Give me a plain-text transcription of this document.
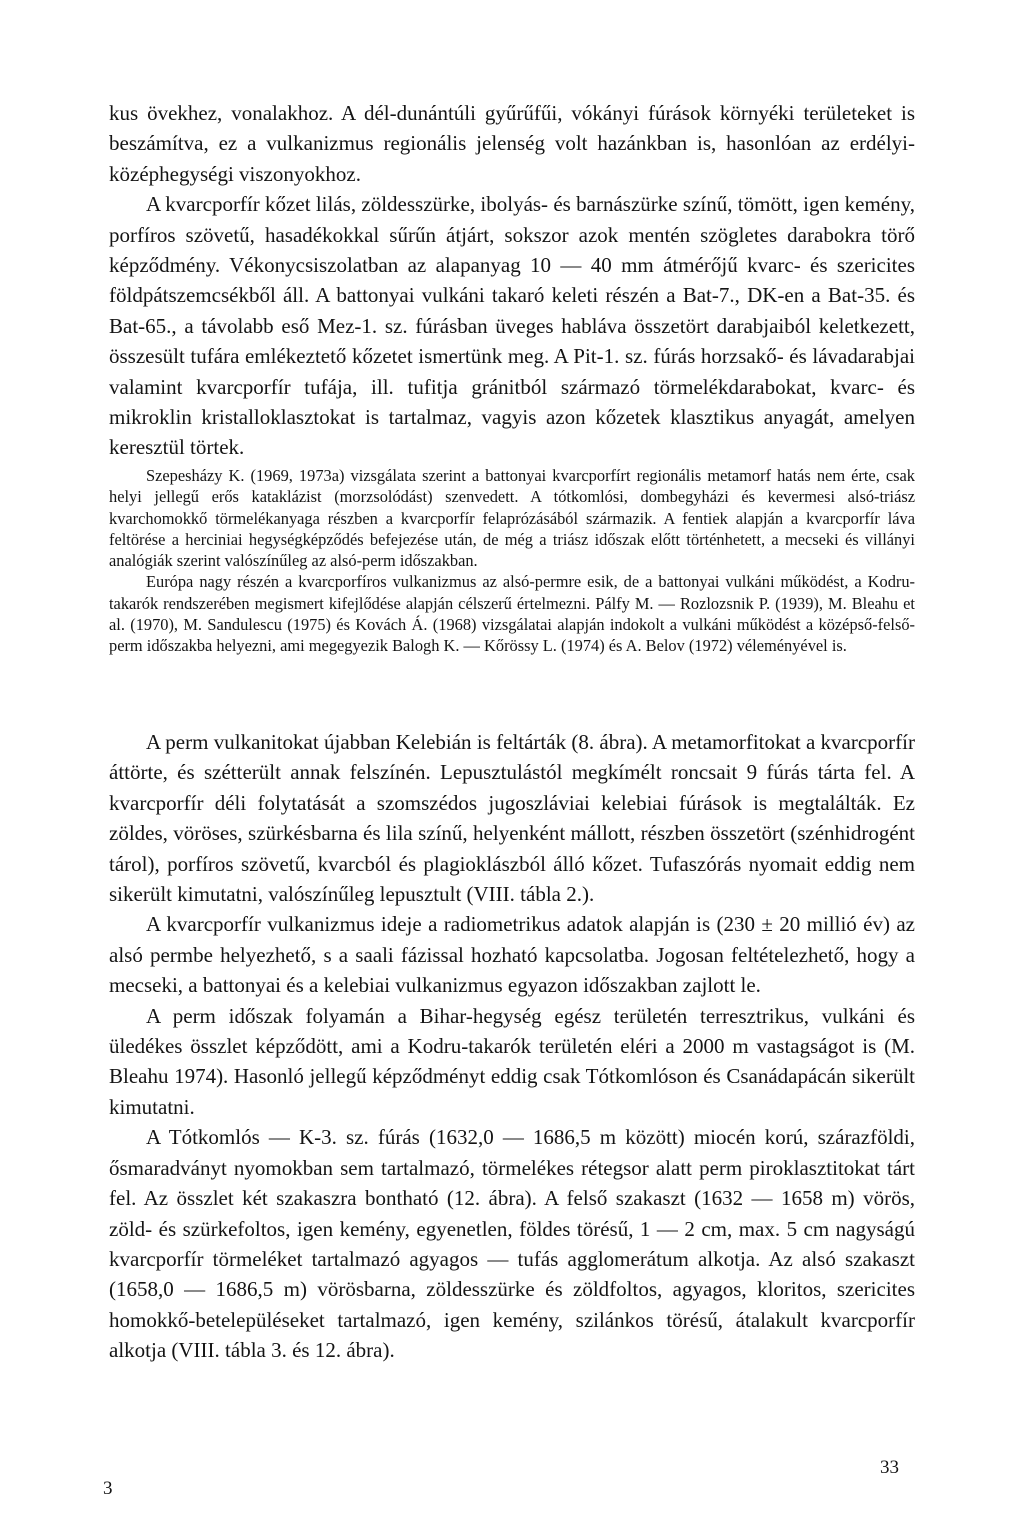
kus övekhez, vonalakhoz. A dél-dunántúli gyűrűfűi, vókányi fúrások környéki területeket is beszámítva, ez a vulkanizmus regionális jelenség volt hazánkban is, hasonlóan az erdélyi-középhegységi viszonyokhoz.

A kvarcporfír kőzet lilás, zöldesszürke, ibolyás- és barnászürke színű, tömött, igen kemény, porfíros szövetű, hasadékokkal sűrűn átjárt, sokszor azok mentén szögletes darabokra törő képződmény. Vékonycsiszolatban az alapanyag 10 — 40 mm átmérőjű kvarc- és szericites földpátszemcsékből áll. A battonyai vulkáni takaró keleti részén a Bat-7., DK-en a Bat-35. és Bat-65., a távolabb eső Mez-1. sz. fúrásban üveges habláva összetört darabjaiból keletkezett, összesült tufára emlékeztető kőzetet ismertünk meg. A Pit-1. sz. fúrás horzsakő- és lávadarabjai valamint kvarcporfír tufája, ill. tufitja gránitból származó törmelékdarabokat, kvarc- és mikroklin kristalloklasztokat is tartalmaz, vagyis azon kőzetek klasztikus anyagát, amelyen keresztül törtek.

Szepesházy K. (1969, 1973a) vizsgálata szerint a battonyai kvarcporfírt regionális metamorf hatás nem érte, csak helyi jellegű erős kataklázist (morzsolódást) szenvedett. A tótkomlósi, dombegyházi és kevermesi alsó-triász kvarchomokkő törmelékanyaga részben a kvarcporfír felaprózásából származik. A fentiek alapján a kvarcporfír láva feltörése a herciniai hegységképződés befejezése után, de még a triász időszak előtt történhetett, a mecseki és villányi analógiák szerint valószínűleg az alsó-perm időszakban.

Európa nagy részén a kvarcporfíros vulkanizmus az alsó-permre esik, de a battonyai vulkáni működést, a Kodru-takarók rendszerében megismert kifejlődése alapján célszerű értelmezni. Pálfy M. — Rozlozsnik P. (1939), M. Bleahu et al. (1970), M. Sandulescu (1975) és Kovách Á. (1968) vizsgálatai alapján indokolt a vulkáni működést a középső-felső-perm időszakba helyezni, ami megegyezik Balogh K. — Kőrössy L. (1974) és A. Belov (1972) véleményével is.

A perm vulkanitokat újabban Kelebián is feltárták (8. ábra). A metamorfitokat a kvarcporfír áttörte, és szétterült annak felszínén. Lepusztulástól megkímélt roncsait 9 fúrás tárta fel. A kvarcporfír déli folytatását a szomszédos jugoszláviai kelebiai fúrások is megtalálták. Ez zöldes, vöröses, szürkésbarna és lila színű, helyenként mállott, részben összetört (szénhidrogént tárol), porfíros szövetű, kvarcból és plagioklászból álló kőzet. Tufaszórás nyomait eddig nem sikerült kimutatni, valószínűleg lepusztult (VIII. tábla 2.).

A kvarcporfír vulkanizmus ideje a radiometrikus adatok alapján is (230 ± 20 millió év) az alsó permbe helyezhető, s a saali fázissal hozható kapcsolatba. Jogosan feltételezhető, hogy a mecseki, a battonyai és a kelebiai vulkanizmus egyazon időszakban zajlott le.

A perm időszak folyamán a Bihar-hegység egész területén terresztrikus, vulkáni és üledékes összlet képződött, ami a Kodru-takarók területén eléri a 2000 m vastagságot is (M. Bleahu 1974). Hasonló jellegű képződményt eddig csak Tótkomlóson és Csanádapácán sikerült kimutatni.

A Tótkomlós — K-3. sz. fúrás (1632,0 — 1686,5 m között) miocén korú, szárazföldi, ősmaradványt nyomokban sem tartalmazó, törmelékes rétegsor alatt perm piroklasztitokat tárt fel. Az összlet két szakaszra bontható (12. ábra). A felső szakaszt (1632 — 1658 m) vörös, zöld- és szürkefoltos, igen kemény, egyenetlen, földes törésű, 1 — 2 cm, max. 5 cm nagyságú kvarcporfír törmeléket tartalmazó agyagos — tufás agglomerátum alkotja. Az alsó szakaszt (1658,0 — 1686,5 m) vörösbarna, zöldesszürke és zöldfoltos, agyagos, kloritos, szericites homokkő-betelepüléseket tartalmazó, igen kemény, szilánkos törésű, átalakult kvarcporfír alkotja (VIII. tábla 3. és 12. ábra).

33
3
